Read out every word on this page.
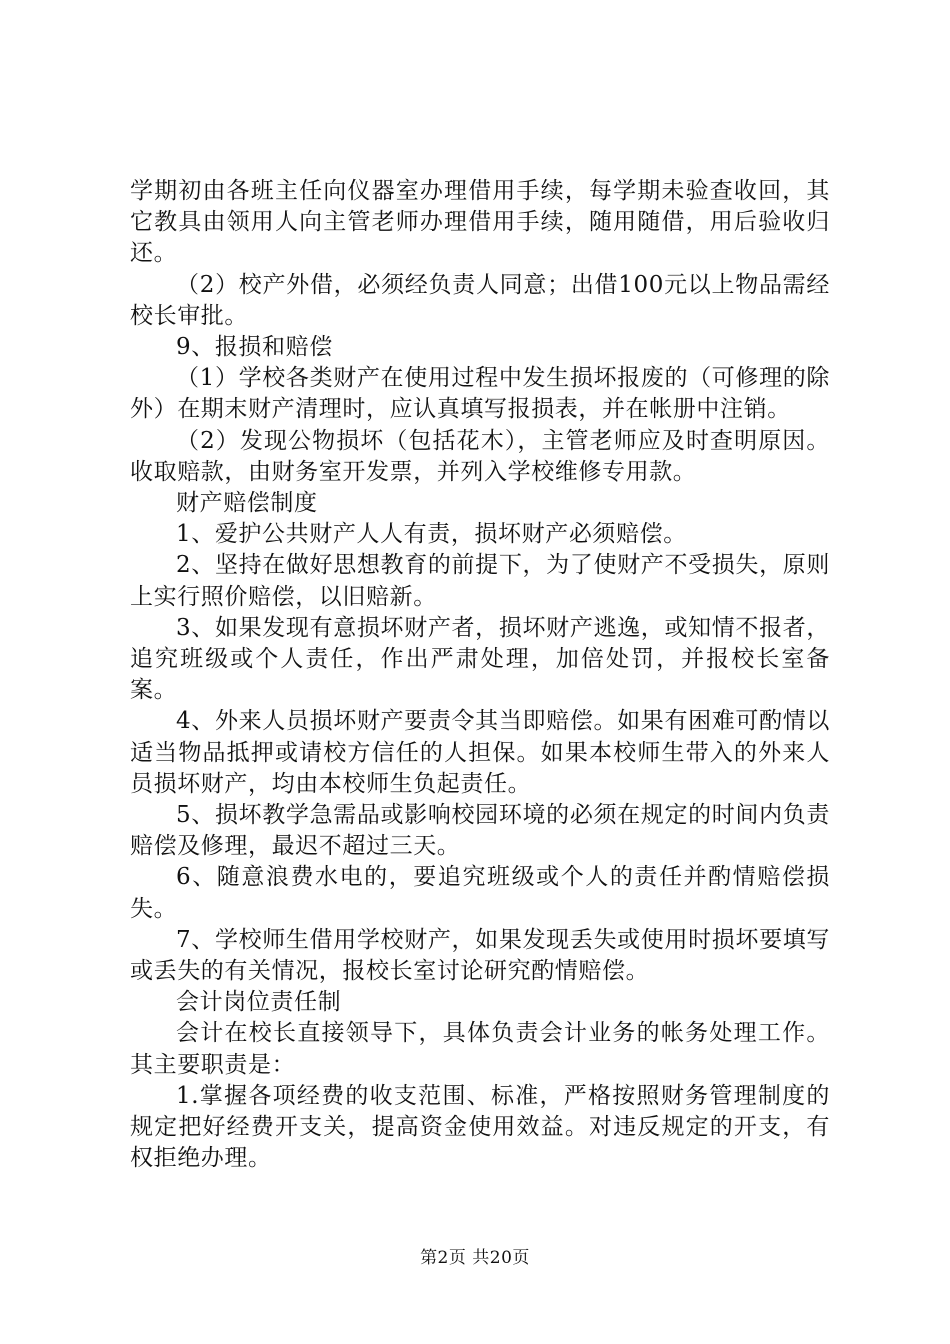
学期初由各班主任向仪器室办理借用手续，每学期未验查收回，其它教具由领用人向主管老师办理借用手续，随用随借，用后验收归还。

（2）校产外借，必须经负责人同意；出借100元以上物品需经校长审批。

9、报损和赔偿

（1）学校各类财产在使用过程中发生损坏报废的（可修理的除外）在期末财产清理时，应认真填写报损表，并在帐册中注销。

（2）发现公物损坏（包括花木），主管老师应及时查明原因。收取赔款，由财务室开发票，并列入学校维修专用款。

财产赔偿制度

1、爱护公共财产人人有责，损坏财产必须赔偿。

2、坚持在做好思想教育的前提下，为了使财产不受损失，原则上实行照价赔偿，以旧赔新。

3、如果发现有意损坏财产者，损坏财产逃逸，或知情不报者，追究班级或个人责任，作出严肃处理，加倍处罚，并报校长室备案。

4、外来人员损坏财产要责令其当即赔偿。如果有困难可酌情以适当物品抵押或请校方信任的人担保。如果本校师生带入的外来人员损坏财产，均由本校师生负起责任。

5、损坏教学急需品或影响校园环境的必须在规定的时间内负责赔偿及修理，最迟不超过三天。

6、随意浪费水电的，要追究班级或个人的责任并酌情赔偿损失。

7、学校师生借用学校财产，如果发现丢失或使用时损坏要填写或丢失的有关情况，报校长室讨论研究酌情赔偿。

会计岗位责任制

会计在校长直接领导下，具体负责会计业务的帐务处理工作。其主要职责是：

1.掌握各项经费的收支范围、标准，严格按照财务管理制度的规定把好经费开支关，提高资金使用效益。对违反规定的开支，有权拒绝办理。

第2页 共20页
